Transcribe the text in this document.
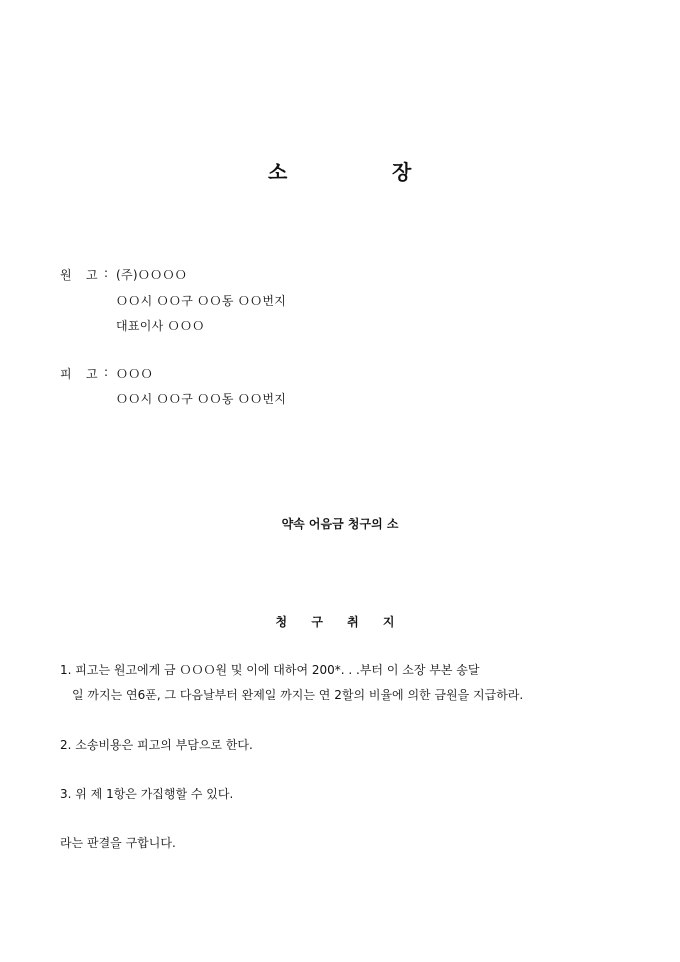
소	장
원 고 : (주)ＯＯＯＯ
ＯＯ시 ＯＯ구 ＯＯ동 ＯＯ번지
대표이사 ＯＯＯ
피 고 : ＯＯＯ
ＯＯ시 ＯＯ구 ＯＯ동 ＯＯ번지
약속 어음금 청구의 소
청 구 취 지
1. 피고는 원고에게 금 ＯＯＯ원 및 이에 대하여 200*. . .부터 이 소장 부본 송달
일 까지는 연6푼, 그 다음날부터 완제일 까지는 연 2할의 비율에 의한 금원을 지급하라.
2. 소송비용은 피고의 부담으로 한다.
3. 위 제 1항은 가집행할 수 있다.
라는 판결을 구합니다.
